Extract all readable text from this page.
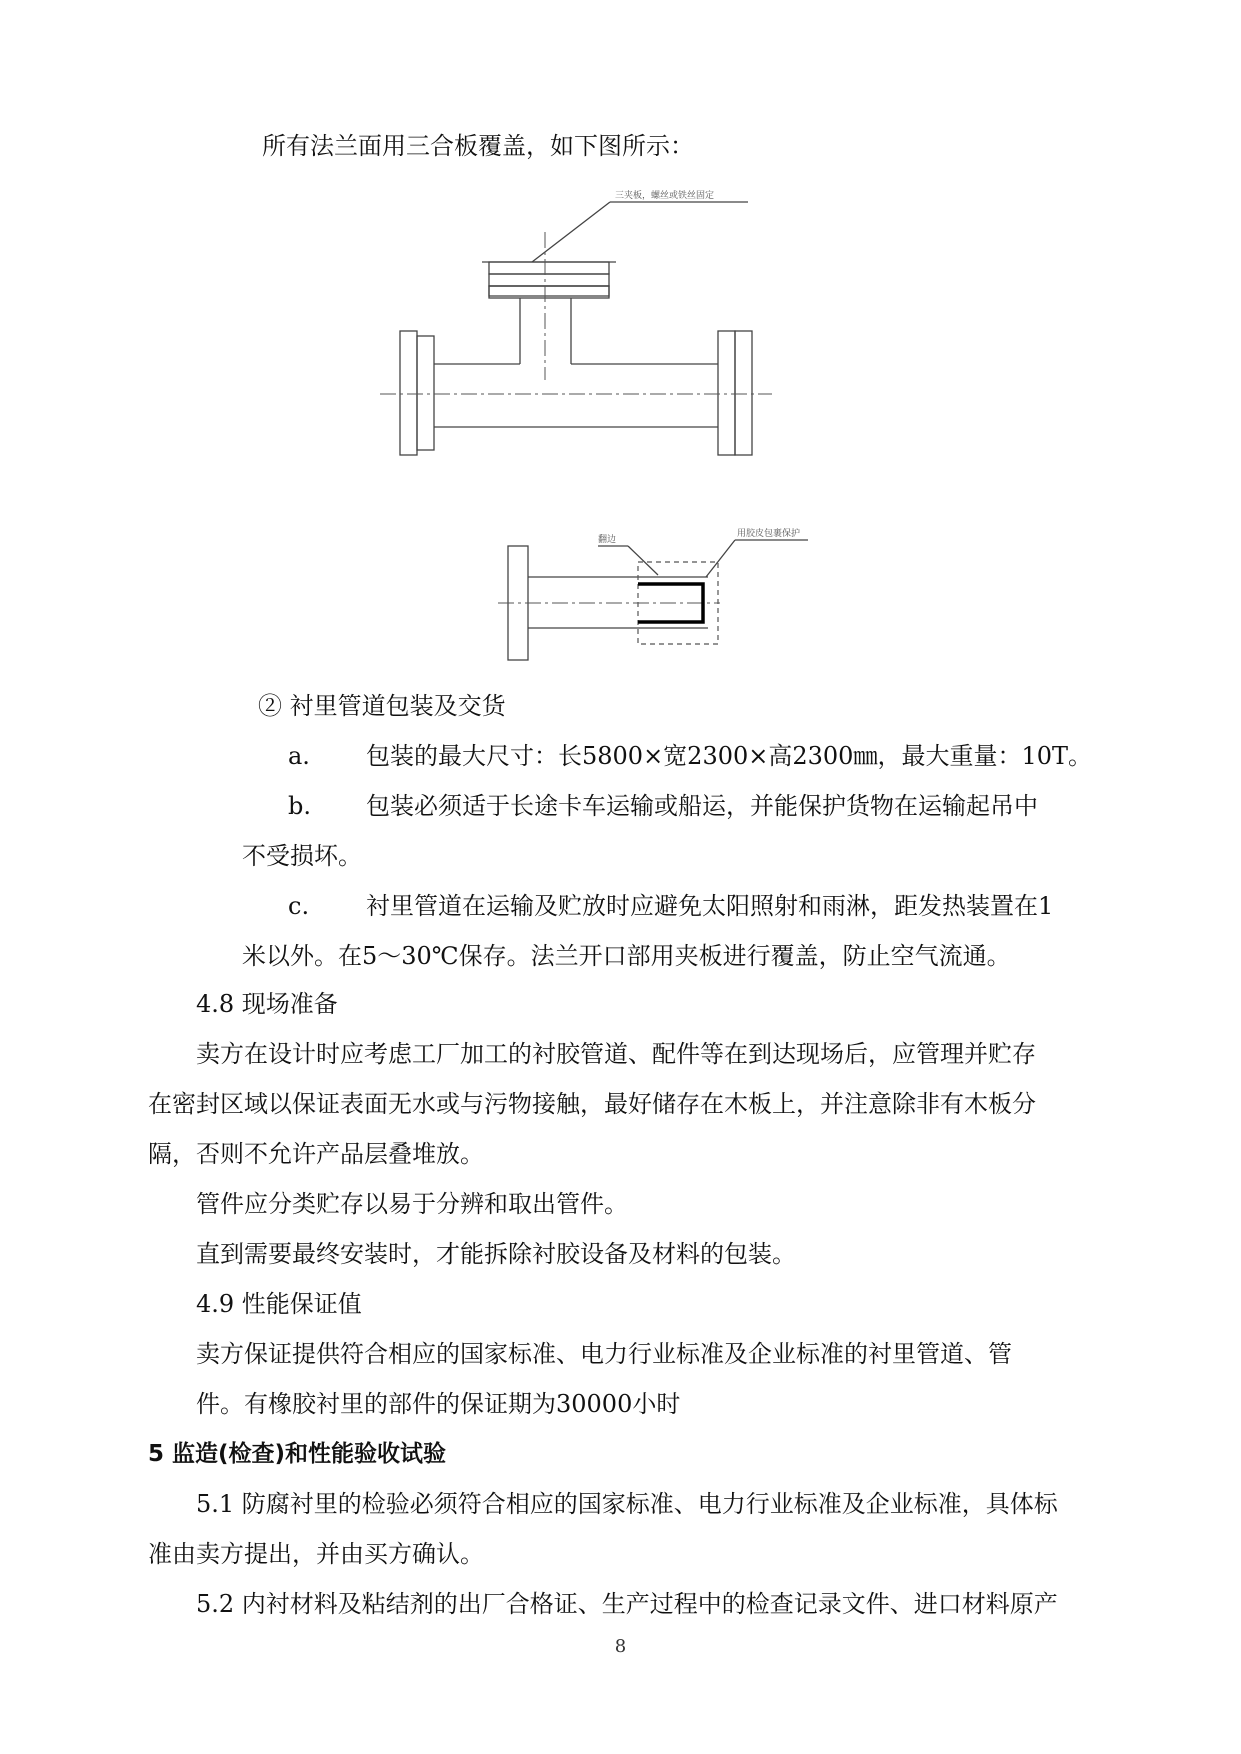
所有法兰面用三合板覆盖，如下图所示：
三夹板，螺丝或铁丝固定
翻边
用胶皮包裹保护
② 衬里管道包装及交货
a. 包装的最大尺寸：长5800×宽2300×高2300㎜，最大重量：10T。
b. 包装必须适于长途卡车运输或船运，并能保护货物在运输起吊中
不受损坏。
c. 衬里管道在运输及贮放时应避免太阳照射和雨淋，距发热装置在1
米以外。在5～30℃保存。法兰开口部用夹板进行覆盖，防止空气流通。
4.8 现场准备
卖方在设计时应考虑工厂加工的衬胶管道、配件等在到达现场后，应管理并贮存
在密封区域以保证表面无水或与污物接触，最好储存在木板上，并注意除非有木板分
隔，否则不允许产品层叠堆放。
管件应分类贮存以易于分辨和取出管件。
直到需要最终安装时，才能拆除衬胶设备及材料的包装。
4.9 性能保证值
卖方保证提供符合相应的国家标准、电力行业标准及企业标准的衬里管道、管
件。有橡胶衬里的部件的保证期为30000小时
5 监造(检查)和性能验收试验
5.1 防腐衬里的检验必须符合相应的国家标准、电力行业标准及企业标准，具体标
准由卖方提出，并由买方确认。
5.2 内衬材料及粘结剂的出厂合格证、生产过程中的检查记录文件、进口材料原产
8
